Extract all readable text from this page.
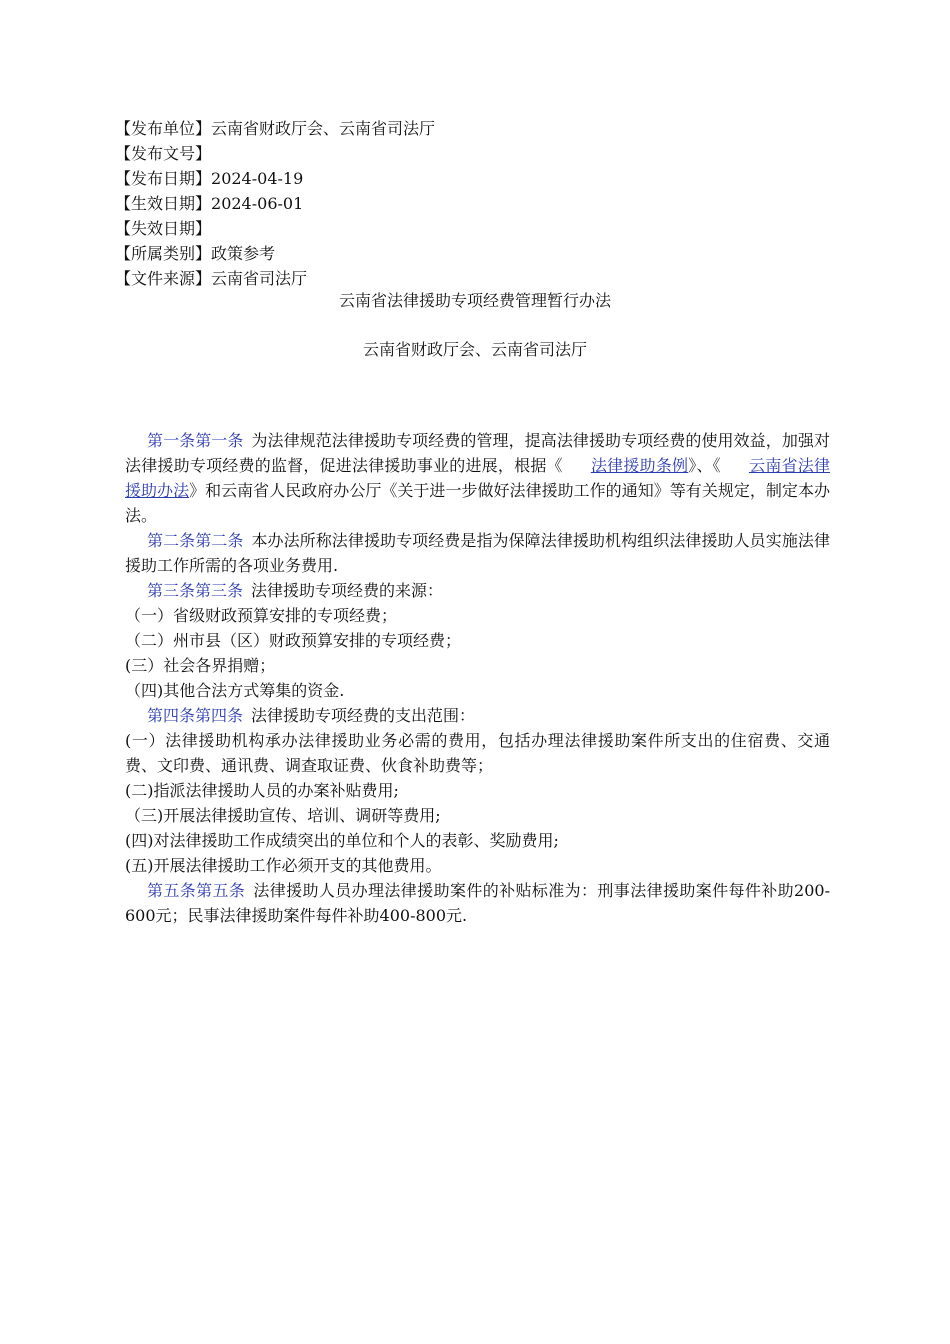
【发布单位】云南省财政厅会、云南省司法厅
【发布文号】
【发布日期】2024-04-19
【生效日期】2024-06-01
【失效日期】
【所属类别】政策参考
【文件来源】云南省司法厅
云南省法律援助专项经费管理暂行办法
云南省财政厅会、云南省司法厅

第一条第一条 为法律规范法律援助专项经费的管理，提高法律援助专项经费的使用效益，加强对法律援助专项经费的监督，促进法律援助事业的进展，根据《 法律援助条例》、《 云南省法律援助办法》和云南省人民政府办公厅《关于进一步做好法律援助工作的通知》等有关规定，制定本办法。

第二条第二条 本办法所称法律援助专项经费是指为保障法律援助机构组织法律援助人员实施法律援助工作所需的各项业务费用.

第三条第三条 法律援助专项经费的来源：

（一）省级财政预算安排的专项经费；

（二）州市县（区）财政预算安排的专项经费；

(三）社会各界捐赠；

（四)其他合法方式筹集的资金.

第四条第四条 法律援助专项经费的支出范围：

(一）法律援助机构承办法律援助业务必需的费用，包括办理法律援助案件所支出的住宿费、交通费、文印费、通讯费、调查取证费、伙食补助费等；

(二)指派法律援助人员的办案补贴费用;

（三)开展法律援助宣传、培训、调研等费用;

(四)对法律援助工作成绩突出的单位和个人的表彰、奖励费用;

(五)开展法律援助工作必须开支的其他费用。

第五条第五条 法律援助人员办理法律援助案件的补贴标准为：刑事法律援助案件每件补助200-600元；民事法律援助案件每件补助400-800元.
